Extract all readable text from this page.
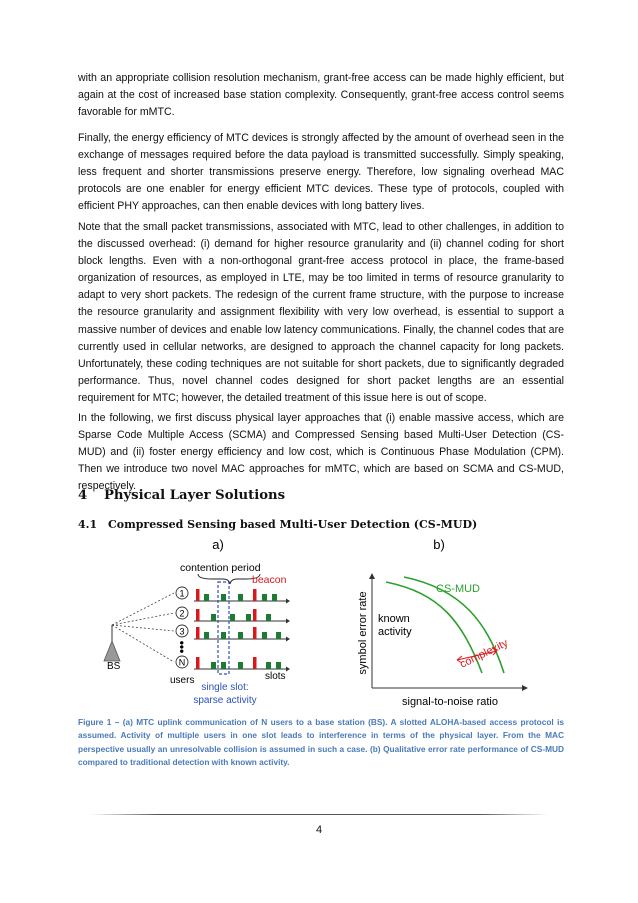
with an appropriate collision resolution mechanism, grant-free access can be made highly efficient, but again at the cost of increased base station complexity. Consequently, grant-free access control seems favorable for mMTC.

Finally, the energy efficiency of MTC devices is strongly affected by the amount of overhead seen in the exchange of messages required before the data payload is transmitted successfully. Simply speaking, less frequent and shorter transmissions preserve energy. Therefore, low signaling overhead MAC protocols are one enabler for energy efficient MTC devices. These type of protocols, coupled with efficient PHY approaches, can then enable devices with long battery lives.

Note that the small packet transmissions, associated with MTC, lead to other challenges, in addition to the discussed overhead: (i) demand for higher resource granularity and (ii) channel coding for short block lengths. Even with a non-orthogonal grant-free access protocol in place, the frame-based organization of resources, as employed in LTE, may be too limited in terms of resource granularity to adapt to very short packets. The redesign of the current frame structure, with the purpose to increase the resource granularity and assignment flexibility with very low overhead, is essential to support a massive number of devices and enable low latency communications. Finally, the channel codes that are currently used in cellular networks, are designed to approach the channel capacity for long packets. Unfortunately, these coding techniques are not suitable for short packets, due to significantly degraded performance. Thus, novel channel codes designed for short packet lengths are an essential requirement for MTC; however, the detailed treatment of this issue here is out of scope.

In the following, we first discuss physical layer approaches that (i) enable massive access, which are Sparse Code Multiple Access (SCMA) and Compressed Sensing based Multi-User Detection (CS-MUD) and (ii) foster energy efficiency and low cost, which is Continuous Phase Modulation (CPM). Then we introduce two novel MAC approaches for mMTC, which are based on SCMA and CS-MUD, respectively.

4 Physical Layer Solutions
4.1 Compressed Sensing based Multi-User Detection (CS-MUD)
a)
contention period
beacon
BS
1
2
3
N
•••
users	slots
single slot:
sparse activity
b)
symbol error rate
signal-to-noise ratio
CS-MUD
known
activity
complexity

Figure 1 – (a) MTC uplink communication of N users to a base station (BS). A slotted ALOHA-based access protocol is assumed. Activity of multiple users in one slot leads to interference in terms of the physical layer. From the MAC perspective usually an unresolvable collision is assumed in such a case. (b) Qualitative error rate performance of CS-MUD compared to traditional detection with known activity.

4
